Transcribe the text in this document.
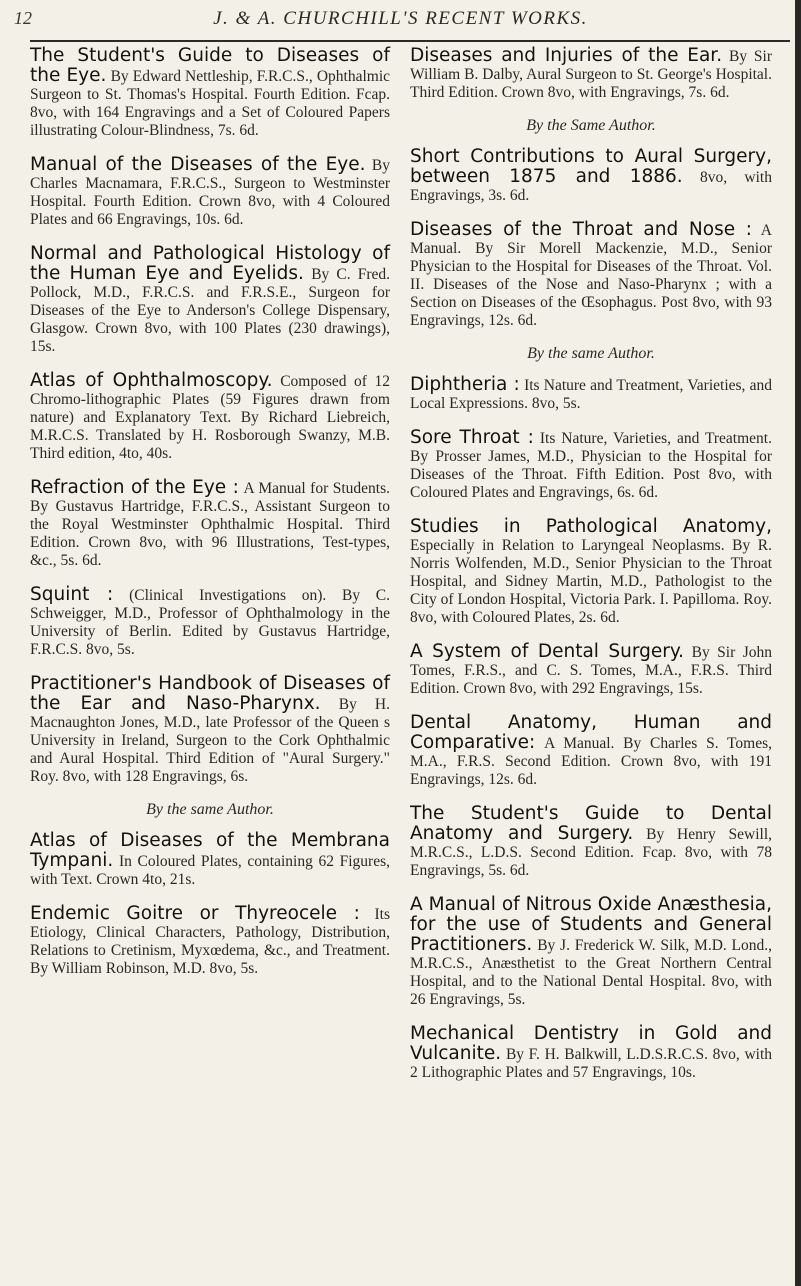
12	J. & A. CHURCHILL'S RECENT WORKS.
The Student's Guide to Diseases of the Eye. By Edward Nettleship, F.R.C.S., Ophthalmic Surgeon to St. Thomas's Hospital. Fourth Edition. Fcap. 8vo, with 164 Engravings and a Set of Coloured Papers illustrating Colour-Blindness, 7s. 6d.
Manual of the Diseases of the Eye. By Charles Macnamara, F.R.C.S., Surgeon to Westminster Hospital. Fourth Edition. Crown 8vo, with 4 Coloured Plates and 66 Engravings, 10s. 6d.
Normal and Pathological Histology of the Human Eye and Eyelids. By C. Fred. Pollock, M.D., F.R.C.S. and F.R.S.E., Surgeon for Diseases of the Eye to Anderson's College Dispensary, Glasgow. Crown 8vo, with 100 Plates (230 drawings), 15s.
Atlas of Ophthalmoscopy. Composed of 12 Chromo-lithographic Plates (59 Figures drawn from nature) and Explanatory Text. By Richard Liebreich, M.R.C.S. Translated by H. Rosborough Swanzy, M.B. Third edition, 4to, 40s.
Refraction of the Eye : A Manual for Students. By Gustavus Hartridge, F.R.C.S., Assistant Surgeon to the Royal Westminster Ophthalmic Hospital. Third Edition. Crown 8vo, with 96 Illustrations, Test-types, &c., 5s. 6d.
Squint : (Clinical Investigations on). By C. Schweigger, M.D., Professor of Ophthalmology in the University of Berlin. Edited by Gustavus Hartridge, F.R.C.S. 8vo, 5s.
Practitioner's Handbook of Diseases of the Ear and Naso-Pharynx. By H. Macnaughton Jones, M.D., late Professor of the Queen s University in Ireland, Surgeon to the Cork Ophthalmic and Aural Hospital. Third Edition of "Aural Surgery." Roy. 8vo, with 128 Engravings, 6s.
By the same Author.
Atlas of Diseases of the Membrana Tympani. In Coloured Plates, containing 62 Figures, with Text. Crown 4to, 21s.
Endemic Goitre or Thyreocele : Its Etiology, Clinical Characters, Pathology, Distribution, Relations to Cretinism, Myxœdema, &c., and Treatment. By William Robinson, M.D. 8vo, 5s.
Diseases and Injuries of the Ear. By Sir William B. Dalby, Aural Surgeon to St. George's Hospital. Third Edition. Crown 8vo, with Engravings, 7s. 6d.
By the Same Author.
Short Contributions to Aural Surgery, between 1875 and 1886. 8vo, with Engravings, 3s. 6d.
Diseases of the Throat and Nose : A Manual. By Sir Morell Mackenzie, M.D., Senior Physician to the Hospital for Diseases of the Throat. Vol. II. Diseases of the Nose and Naso-Pharynx ; with a Section on Diseases of the Œsophagus. Post 8vo, with 93 Engravings, 12s. 6d.
By the same Author.
Diphtheria : Its Nature and Treatment, Varieties, and Local Expressions. 8vo, 5s.
Sore Throat : Its Nature, Varieties, and Treatment. By Prosser James, M.D., Physician to the Hospital for Diseases of the Throat. Fifth Edition. Post 8vo, with Coloured Plates and Engravings, 6s. 6d.
Studies in Pathological Anatomy, Especially in Relation to Laryngeal Neoplasms. By R. Norris Wolfenden, M.D., Senior Physician to the Throat Hospital, and Sidney Martin, M.D., Pathologist to the City of London Hospital, Victoria Park. I. Papilloma. Roy. 8vo, with Coloured Plates, 2s. 6d.
A System of Dental Surgery. By Sir John Tomes, F.R.S., and C. S. Tomes, M.A., F.R.S. Third Edition. Crown 8vo, with 292 Engravings, 15s.
Dental Anatomy, Human and Comparative: A Manual. By Charles S. Tomes, M.A., F.R.S. Second Edition. Crown 8vo, with 191 Engravings, 12s. 6d.
The Student's Guide to Dental Anatomy and Surgery. By Henry Sewill, M.R.C.S., L.D.S. Second Edition. Fcap. 8vo, with 78 Engravings, 5s. 6d.
A Manual of Nitrous Oxide Anæsthesia, for the use of Students and General Practitioners. By J. Frederick W. Silk, M.D. Lond., M.R.C.S., Anæsthetist to the Great Northern Central Hospital, and to the National Dental Hospital. 8vo, with 26 Engravings, 5s.
Mechanical Dentistry in Gold and Vulcanite. By F. H. Balkwill, L.D.S.R.C.S. 8vo, with 2 Lithographic Plates and 57 Engravings, 10s.
